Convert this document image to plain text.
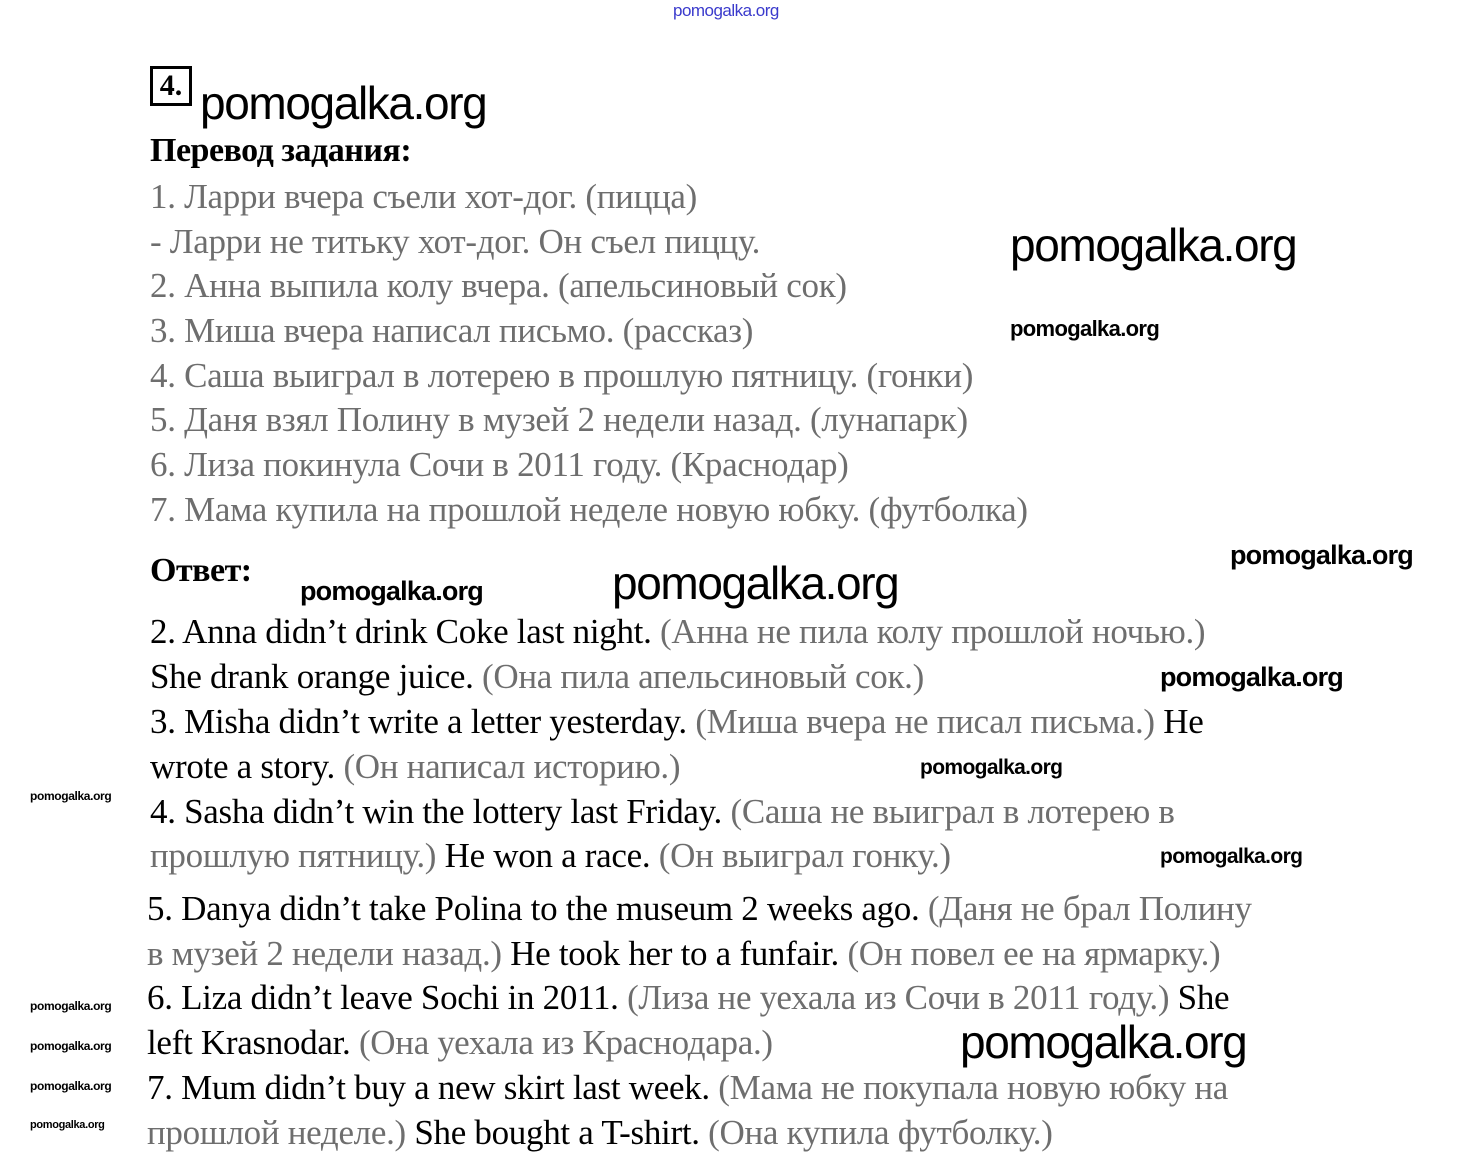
4.
Перевод задания:
1. Ларри вчера съели хот-дог. (пицца)
- Ларри не титьку хот-дог. Он съел пиццу.
2. Анна выпила колу вчера. (апельсиновый сок)
3. Миша вчера написал письмо. (рассказ)
4. Саша выиграл в лотерею в прошлую пятницу. (гонки)
5. Даня взял Полину в музей 2 недели назад. (лунапарк)
6. Лиза покинула Сочи в 2011 году. (Краснодар)
7. Мама купила на прошлой неделе новую юбку. (футболка)
Ответ:
2. Anna didn’t drink Coke last night. (Анна не пила колу прошлой ночью.)
She drank orange juice. (Она пила апельсиновый сок.)
3. Misha didn’t write a letter yesterday. (Миша вчера не писал письма.) He
wrote a story. (Он написал историю.)
4. Sasha didn’t win the lottery last Friday. (Саша не выиграл в лотерею в
прошлую пятницу.) He won a race. (Он выиграл гонку.)
5. Danya didn’t take Polina to the museum 2 weeks ago. (Даня не брал Полину
в музей 2 недели назад.) He took her to a funfair. (Он повел ее на ярмарку.)
6. Liza didn’t leave Sochi in 2011. (Лиза не уехала из Сочи в 2011 году.) She
left Krasnodar. (Она уехала из Краснодара.)
7. Mum didn’t buy a new skirt last week. (Мама не покупала новую юбку на
прошлой неделе.) She bought a T-shirt. (Она купила футболку.)
pomogalka.org
pomogalka.org
pomogalka.org
pomogalka.org
pomogalka.org
pomogalka.org
pomogalka.org
pomogalka.org
pomogalka.org
pomogalka.org
pomogalka.org
pomogalka.org
pomogalka.org
pomogalka.org
pomogalka.org
pomogalka.org
